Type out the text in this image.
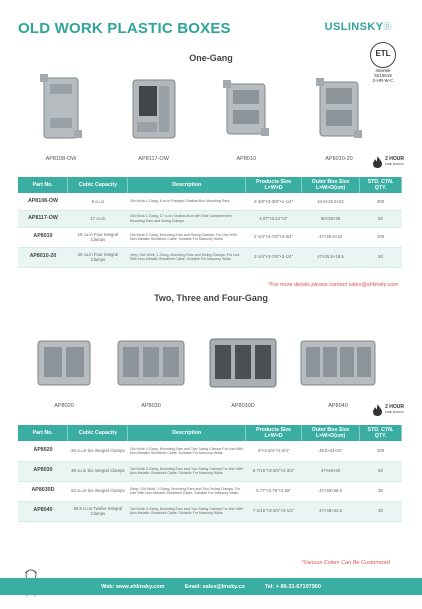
OLD WORK PLASTIC BOXES	USLINSKY®
ETL
Intertek
5010519
2-HR-W-C
One-Gang
AP8108-OW	AP8117-OW	AP8010	AP8010-20	2 HOUR
FIRE RATING
Part No.	Cubic Capacity	Description	Products Size L×W×D	Outer Box Size L×W×D(cm)	STD. CTN. QTY.
AP8108-OW	8 cu.in	Old Work 1-Gang, 8 cu.in Flanged Shallow Box Mounting Ears.	2-3/8"×3-3/8"×1-1/4"	44.5×25.5×32	200
AP8117-OW	17 cu.in	Old Work 1-Gang, 17 cu.in Shallow Box with Side Compartment Mounting Ears and Swing Clamps.	4.07"×3.54"×2"	50×38×28	50
AP8010	18 cu.in Four Integral Clamps	Old Work 1-Gang, Mounting Ears and Swing Clamps; For Use With Non-Metallic Sheathed Cable; Suitable For Masonry Walls.	2-1/4"×3-7/8"×2-3/4"	47×29.5×33	100
AP8010-20	20 cu.in Four Integral Clamps	Jeep, Old Work, 1-Gang, Mounting Ears and Swing Clamps; For Use With Non-Metallic Sheathed Cable; Suitable For Masonry Walls.	2-1/4"×3-7/8"×3-1/4"	47×25.5×19.5	50
*For more details please contact sales@shlinsky.com
Two, Three and Four-Gang
AP8020	AP8030	AP8030D	AP8040	2 HOUR
FIRE RATING
Part No.	Cubic Capacity	Description	Products Size L×W×D	Outer Box Size L×W×D(cm)	STD. CTN. QTY.
AP8020	25 cu.in Six Integral Clamps	Old Work 2-Gang, Mounting Ears and Two Swing Clamps For Use With Non-Metallic Sheathed Cable; Suitable For Masonry Walls.	4"×3-3/4"×2-3/4"	45.5×41×37	100
AP8030	38 cu.in Six Integral Clamps	Old Work 3-Gang, Mounting Ears and Two Swing Clamps For Use With Non-Metallic Sheathed Cable; Suitable For Masonry Walls.	5-7/16"×3-3/4"×2-3/4"	47×48×30	60
AP8030D	53 cu.in Six Integral Clamps	Deep, Old Work, 3-Gang, Mounting Ears and Two Swing Clamps; For Use With Non-Metallic Sheathed Cable; Suitable For Masonry Walls.	5.77"×3.79"×3.68"	47×48×38.5	36
AP8040	68.8 cu.in Twelve Integral Clamps	Old Work 4-Gang, Mounting Ears and Two Swing Clamps For Use With Non-Metallic Sheathed Cable; Suitable For Masonry Walls.	7-1/16"×3-3/4"×3-1/2"	47×48×33.5	30
*Various Colors Can Be Customized
Web: www.shlinsky.com	Email: sales@linsky.co	Tel: + 86-21-67107900
